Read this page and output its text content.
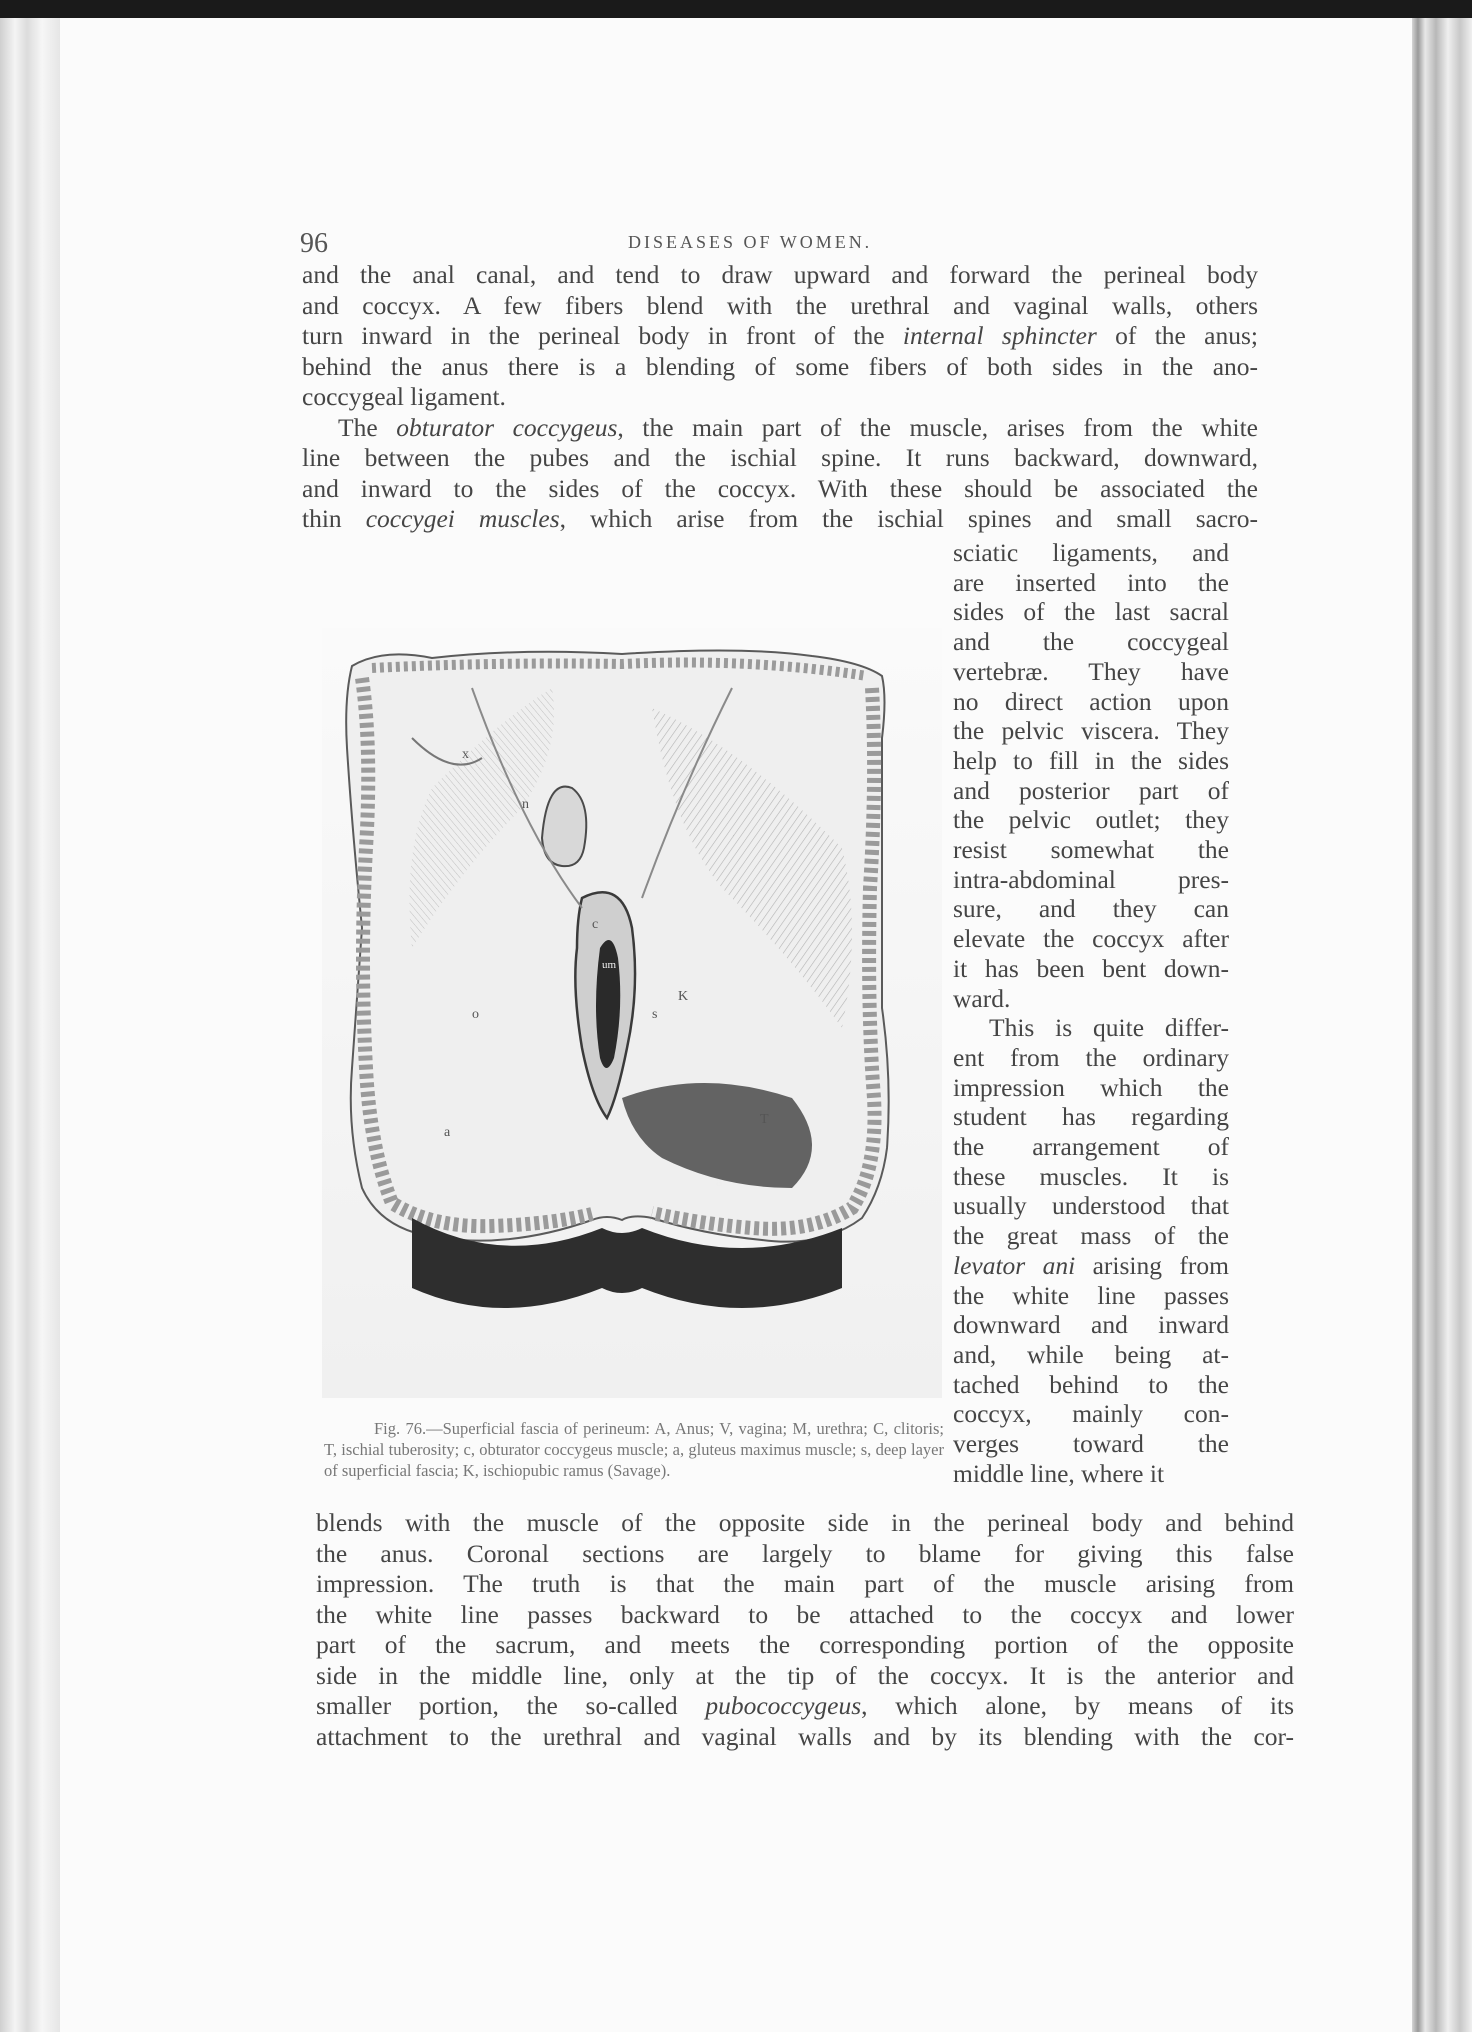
96	DISEASES OF WOMEN.
and the anal canal, and tend to draw upward and forward the perineal body
and coccyx. A few fibers blend with the urethral and vaginal walls, others
turn inward in the perineal body in front of the internal sphincter of the anus;
behind the anus there is a blending of some fibers of both sides in the ano-
coccygeal ligament.
The obturator coccygeus, the main part of the muscle, arises from the white
line between the pubes and the ischial spine. It runs backward, downward,
and inward to the sides of the coccyx. With these should be associated the
thin coccygei muscles, which arise from the ischial spines and small sacro-
sciatic ligaments, and
are inserted into the
sides of the last sacral
and the coccygeal
vertebræ. They have
no direct action upon
the pelvic viscera. They
help to fill in the sides
and posterior part of
the pelvic outlet; they
resist somewhat the
intra-abdominal pres-
sure, and they can
elevate the coccyx after
it has been bent down-
ward.
This is quite differ-
ent from the ordinary
impression which the
student has regarding
the arrangement of
these muscles. It is
usually understood that
the great mass of the
levator ani arising from
the white line passes
downward and inward
and, while being at-
tached behind to the
coccyx, mainly con-
verges toward the
middle line, where it
blends with the muscle of the opposite side in the perineal body and behind
the anus. Coronal sections are largely to blame for giving this false
impression. The truth is that the main part of the muscle arising from
the white line passes backward to be attached to the coccyx and lower
part of the sacrum, and meets the corresponding portion of the opposite
side in the middle line, only at the tip of the coccyx. It is the anterior and
smaller portion, the so-called pubococcygeus, which alone, by means of its
attachment to the urethral and vaginal walls and by its blending with the cor-
x
n
c
um
o	s
K
T
a
a
Fig. 76.—Superficial fascia of perineum: A, Anus; V, vagina; M, urethra; C, clitoris; T, ischial tuberosity; c, obturator coccygeus muscle; a, gluteus maximus muscle; s, deep layer of superficial fascia; K, ischiopubic ramus (Savage).
